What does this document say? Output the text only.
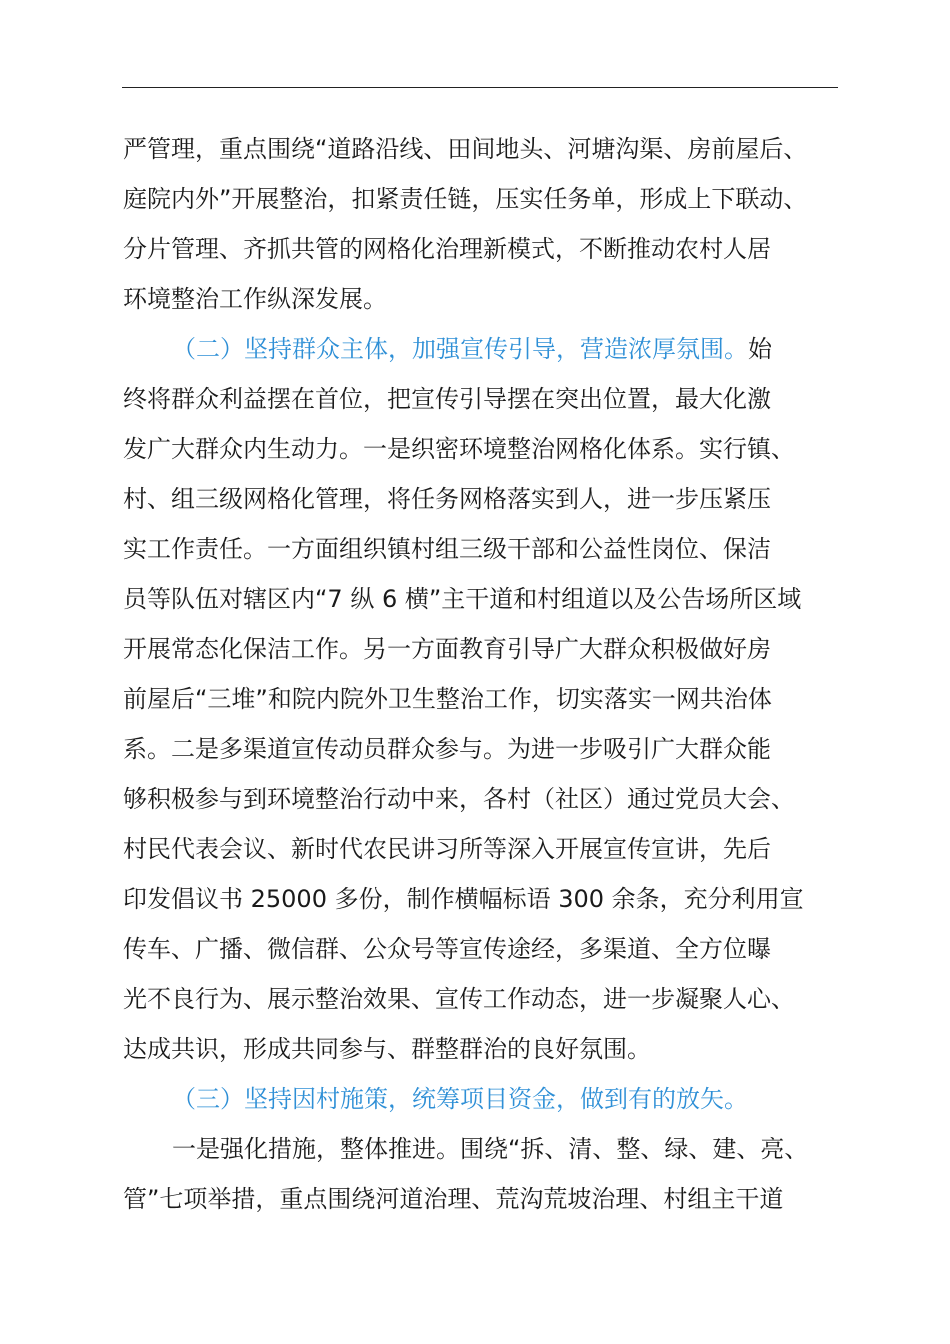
严管理，重点围绕“道路沿线、田间地头、河塘沟渠、房前屋后、
庭院内外”开展整治，扣紧责任链，压实任务单，形成上下联动、
分片管理、齐抓共管的网格化治理新模式，不断推动农村人居
环境整治工作纵深发展。
（二）坚持群众主体，加强宣传引导，营造浓厚氛围。始
终将群众利益摆在首位，把宣传引导摆在突出位置，最大化激
发广大群众内生动力。一是织密环境整治网格化体系。实行镇、
村、组三级网格化管理，将任务网格落实到人，进一步压紧压
实工作责任。一方面组织镇村组三级干部和公益性岗位、保洁
员等队伍对辖区内“7 纵 6 横”主干道和村组道以及公告场所区域
开展常态化保洁工作。另一方面教育引导广大群众积极做好房
前屋后“三堆”和院内院外卫生整治工作，切实落实一网共治体
系。二是多渠道宣传动员群众参与。为进一步吸引广大群众能
够积极参与到环境整治行动中来，各村（社区）通过党员大会、
村民代表会议、新时代农民讲习所等深入开展宣传宣讲，先后
印发倡议书 25000 多份，制作横幅标语 300 余条，充分利用宣
传车、广播、微信群、公众号等宣传途经，多渠道、全方位曝
光不良行为、展示整治效果、宣传工作动态，进一步凝聚人心、
达成共识，形成共同参与、群整群治的良好氛围。
（三）坚持因村施策，统筹项目资金，做到有的放矢。
一是强化措施，整体推进。围绕“拆、清、整、绿、建、亮、
管”七项举措，重点围绕河道治理、荒沟荒坡治理、村组主干道
